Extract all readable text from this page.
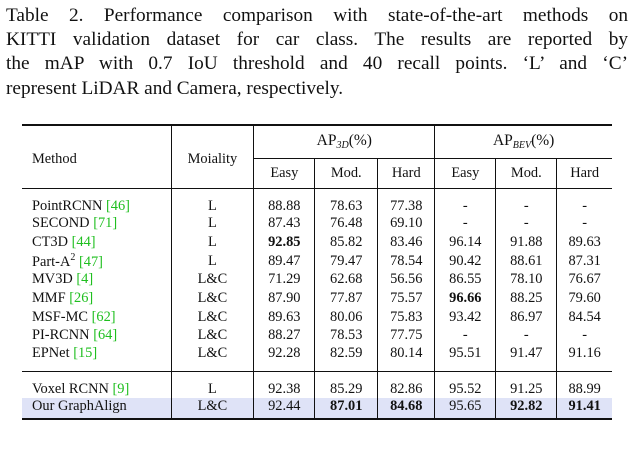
Table 2. Performance comparison with state-of-the-art methods on
KITTI validation dataset for car class. The results are reported by
the mAP with 0.7 IoU threshold and 40 recall points. ‘L’ and ‘C’
represent LiDAR and Camera, respectively.
Method	Moiality	$AP_{3D}(\%)$			$AP_{BEV}(\%)$		
		Easy	Mod.	Hard	Easy	Mod.	Hard
PointRCNN [46]	L	88.88	78.63	77.38	-	-	-
SECOND [71]	L	87.43	76.48	69.10	-	-	-
CT3D [44]	L	92.85	85.82	83.46	96.14	91.88	89.63
Part-$A^2$ [47]	L	89.47	79.47	78.54	90.42	88.61	87.31
MV3D [4]	L&C	71.29	62.68	56.56	86.55	78.10	76.67
MMF [26]	L&C	87.90	77.87	75.57	96.66	88.25	79.60
MSF-MC [62]	L&C	89.63	80.06	75.83	93.42	86.97	84.54
PI-RCNN [64]	L&C	88.27	78.53	77.75	-	-	-
EPNet [15]	L&C	92.28	82.59	80.14	95.51	91.47	91.16
Voxel RCNN [9]	L	92.38	85.29	82.86	95.52	91.25	88.99
Our GraphAlign	L&C	92.44	87.01	84.68	95.65	92.82	91.41
